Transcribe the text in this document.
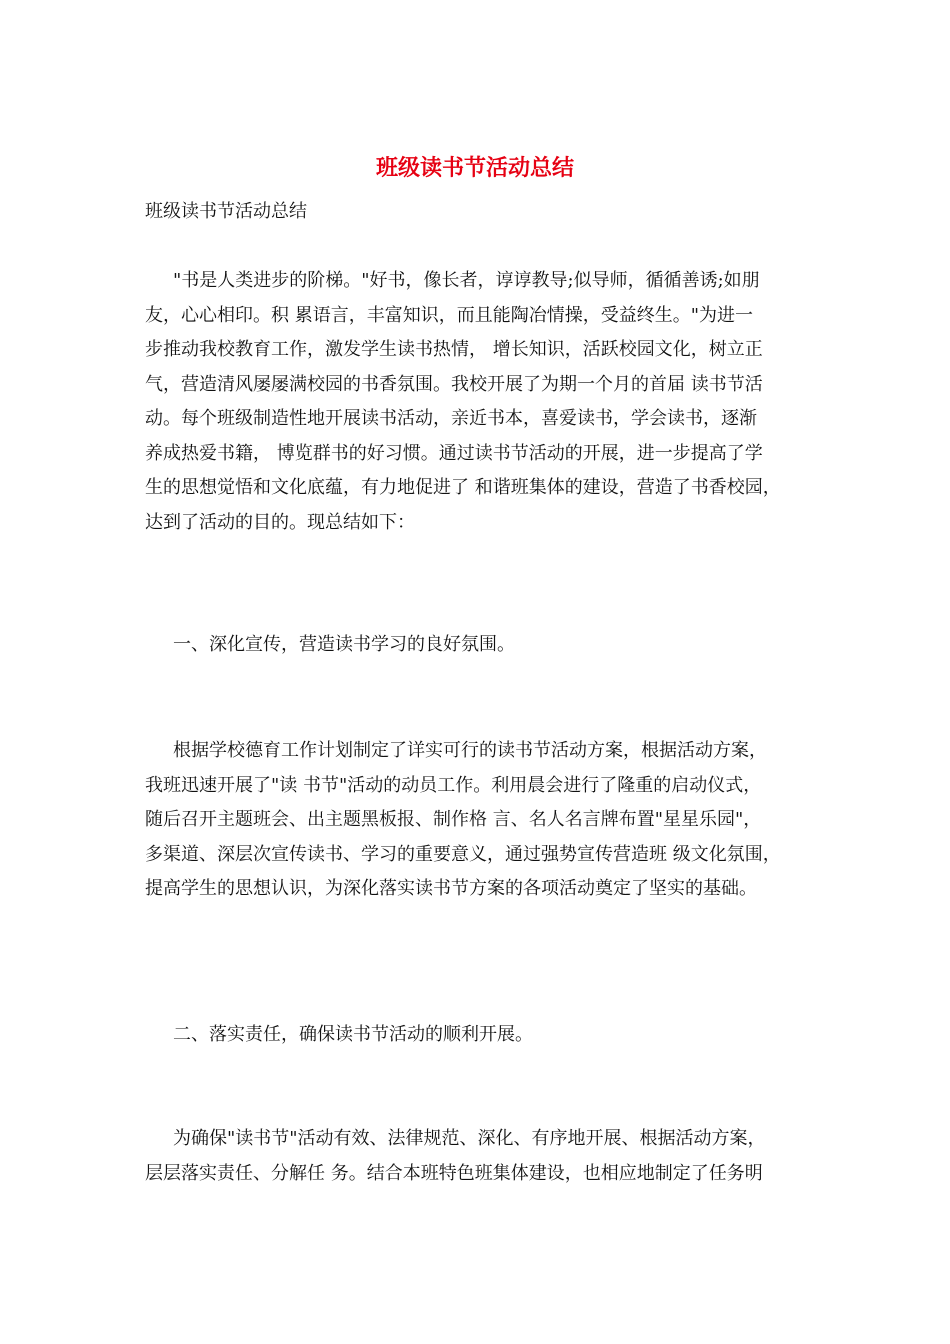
班级读书节活动总结

班级读书节活动总结

"书是人类进步的阶梯。"好书，像长者，谆谆教导;似导师，循循善诱;如朋
友，心心相印。积 累语言，丰富知识，而且能陶冶情操，受益终生。"为进一
步推动我校教育工作，激发学生读书热情， 增长知识，活跃校园文化，树立正
气，营造清风屡屡满校园的书香氛围。我校开展了为期一个月的首届 读书节活
动。每个班级制造性地开展读书活动，亲近书本，喜爱读书，学会读书，逐渐
养成热爱书籍， 博览群书的好习惯。通过读书节活动的开展，进一步提高了学
生的思想觉悟和文化底蕴，有力地促进了 和谐班集体的建设，营造了书香校园，
达到了活动的目的。现总结如下：

一、深化宣传，营造读书学习的良好氛围。

根据学校德育工作计划制定了详实可行的读书节活动方案，根据活动方案，
我班迅速开展了"读 书节"活动的动员工作。利用晨会进行了隆重的启动仪式，
随后召开主题班会、出主题黑板报、制作格 言、名人名言牌布置"星星乐园"，
多渠道、深层次宣传读书、学习的重要意义，通过强势宣传营造班 级文化氛围，
提高学生的思想认识，为深化落实读书节方案的各项活动奠定了坚实的基础。

二、落实责任，确保读书节活动的顺利开展。

为确保"读书节"活动有效、法律规范、深化、有序地开展、根据活动方案，
层层落实责任、分解任 务。结合本班特色班集体建设，也相应地制定了任务明
